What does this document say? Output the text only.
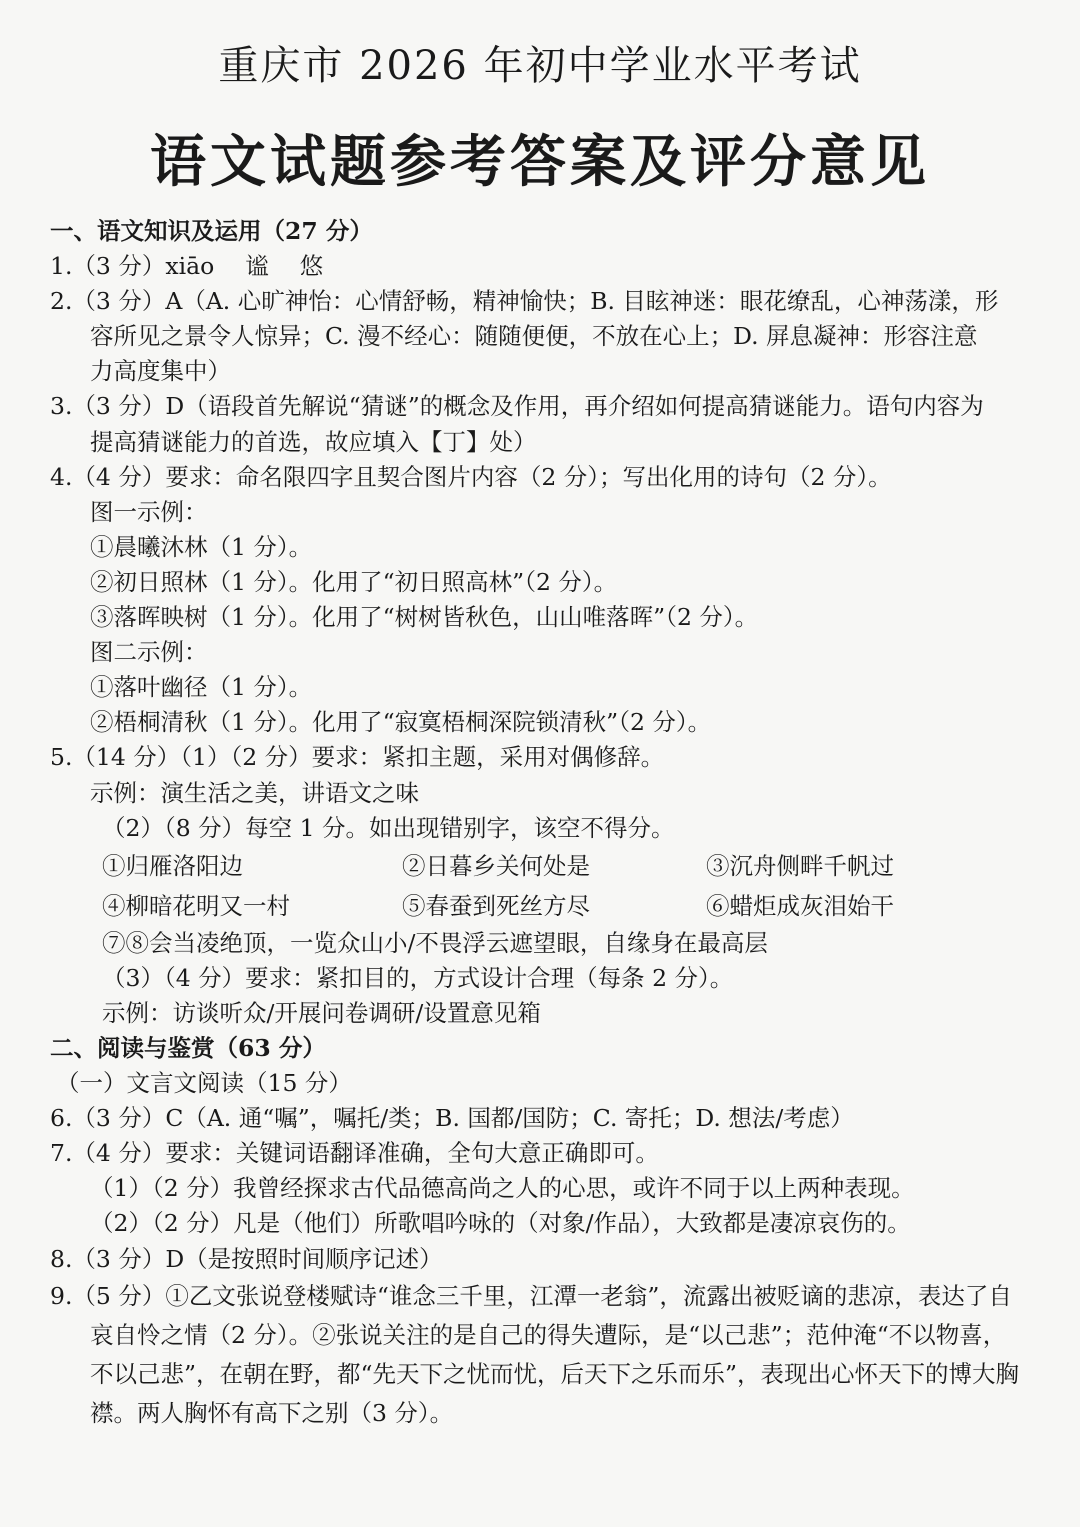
重庆市 2026 年初中学业水平考试
语文试题参考答案及评分意见
一、语文知识及运用（27 分）
1.（3 分）xiāo　 谧　 悠
2.（3 分）A（A. 心旷神怡：心情舒畅，精神愉快；B. 目眩神迷：眼花缭乱，心神荡漾，形
容所见之景令人惊异；C. 漫不经心：随随便便，不放在心上；D. 屏息凝神：形容注意
力高度集中）
3.（3 分）D（语段首先解说“猜谜”的概念及作用，再介绍如何提高猜谜能力。语句内容为
提高猜谜能力的首选，故应填入【丁】处）
4.（4 分）要求：命名限四字且契合图片内容（2 分）；写出化用的诗句（2 分）。
图一示例：
①晨曦沐林（1 分）。
②初日照林（1 分）。化用了“初日照高林”（2 分）。
③落晖映树（1 分）。化用了“树树皆秋色，山山唯落晖”（2 分）。
图二示例：
①落叶幽径（1 分）。
②梧桐清秋（1 分）。化用了“寂寞梧桐深院锁清秋”（2 分）。
5.（14 分）（1）（2 分）要求：紧扣主题，采用对偶修辞。
示例：演生活之美，讲语文之味
（2）（8 分）每空 1 分。如出现错别字，该空不得分。
①归雁洛阳边	②日暮乡关何处是	③沉舟侧畔千帆过
④柳暗花明又一村	⑤春蚕到死丝方尽	⑥蜡炬成灰泪始干
⑦⑧会当凌绝顶，一览众山小/不畏浮云遮望眼，自缘身在最高层
（3）（4 分）要求：紧扣目的，方式设计合理（每条 2 分）。
示例：访谈听众/开展问卷调研/设置意见箱
二、阅读与鉴赏（63 分）
（一）文言文阅读（15 分）
6.（3 分）C（A. 通“嘱”，嘱托/类；B. 国都/国防；C. 寄托；D. 想法/考虑）
7.（4 分）要求：关键词语翻译准确，全句大意正确即可。
（1）（2 分）我曾经探求古代品德高尚之人的心思，或许不同于以上两种表现。
（2）（2 分）凡是（他们）所歌唱吟咏的（对象/作品），大致都是凄凉哀伤的。
8.（3 分）D（是按照时间顺序记述）
9.（5 分）①乙文张说登楼赋诗“谁念三千里，江潭一老翁”，流露出被贬谪的悲凉，表达了自
哀自怜之情（2 分）。②张说关注的是自己的得失遭际，是“以己悲”；范仲淹“不以物喜，
不以己悲”，在朝在野，都“先天下之忧而忧，后天下之乐而乐”，表现出心怀天下的博大胸
襟。两人胸怀有高下之别（3 分）。
